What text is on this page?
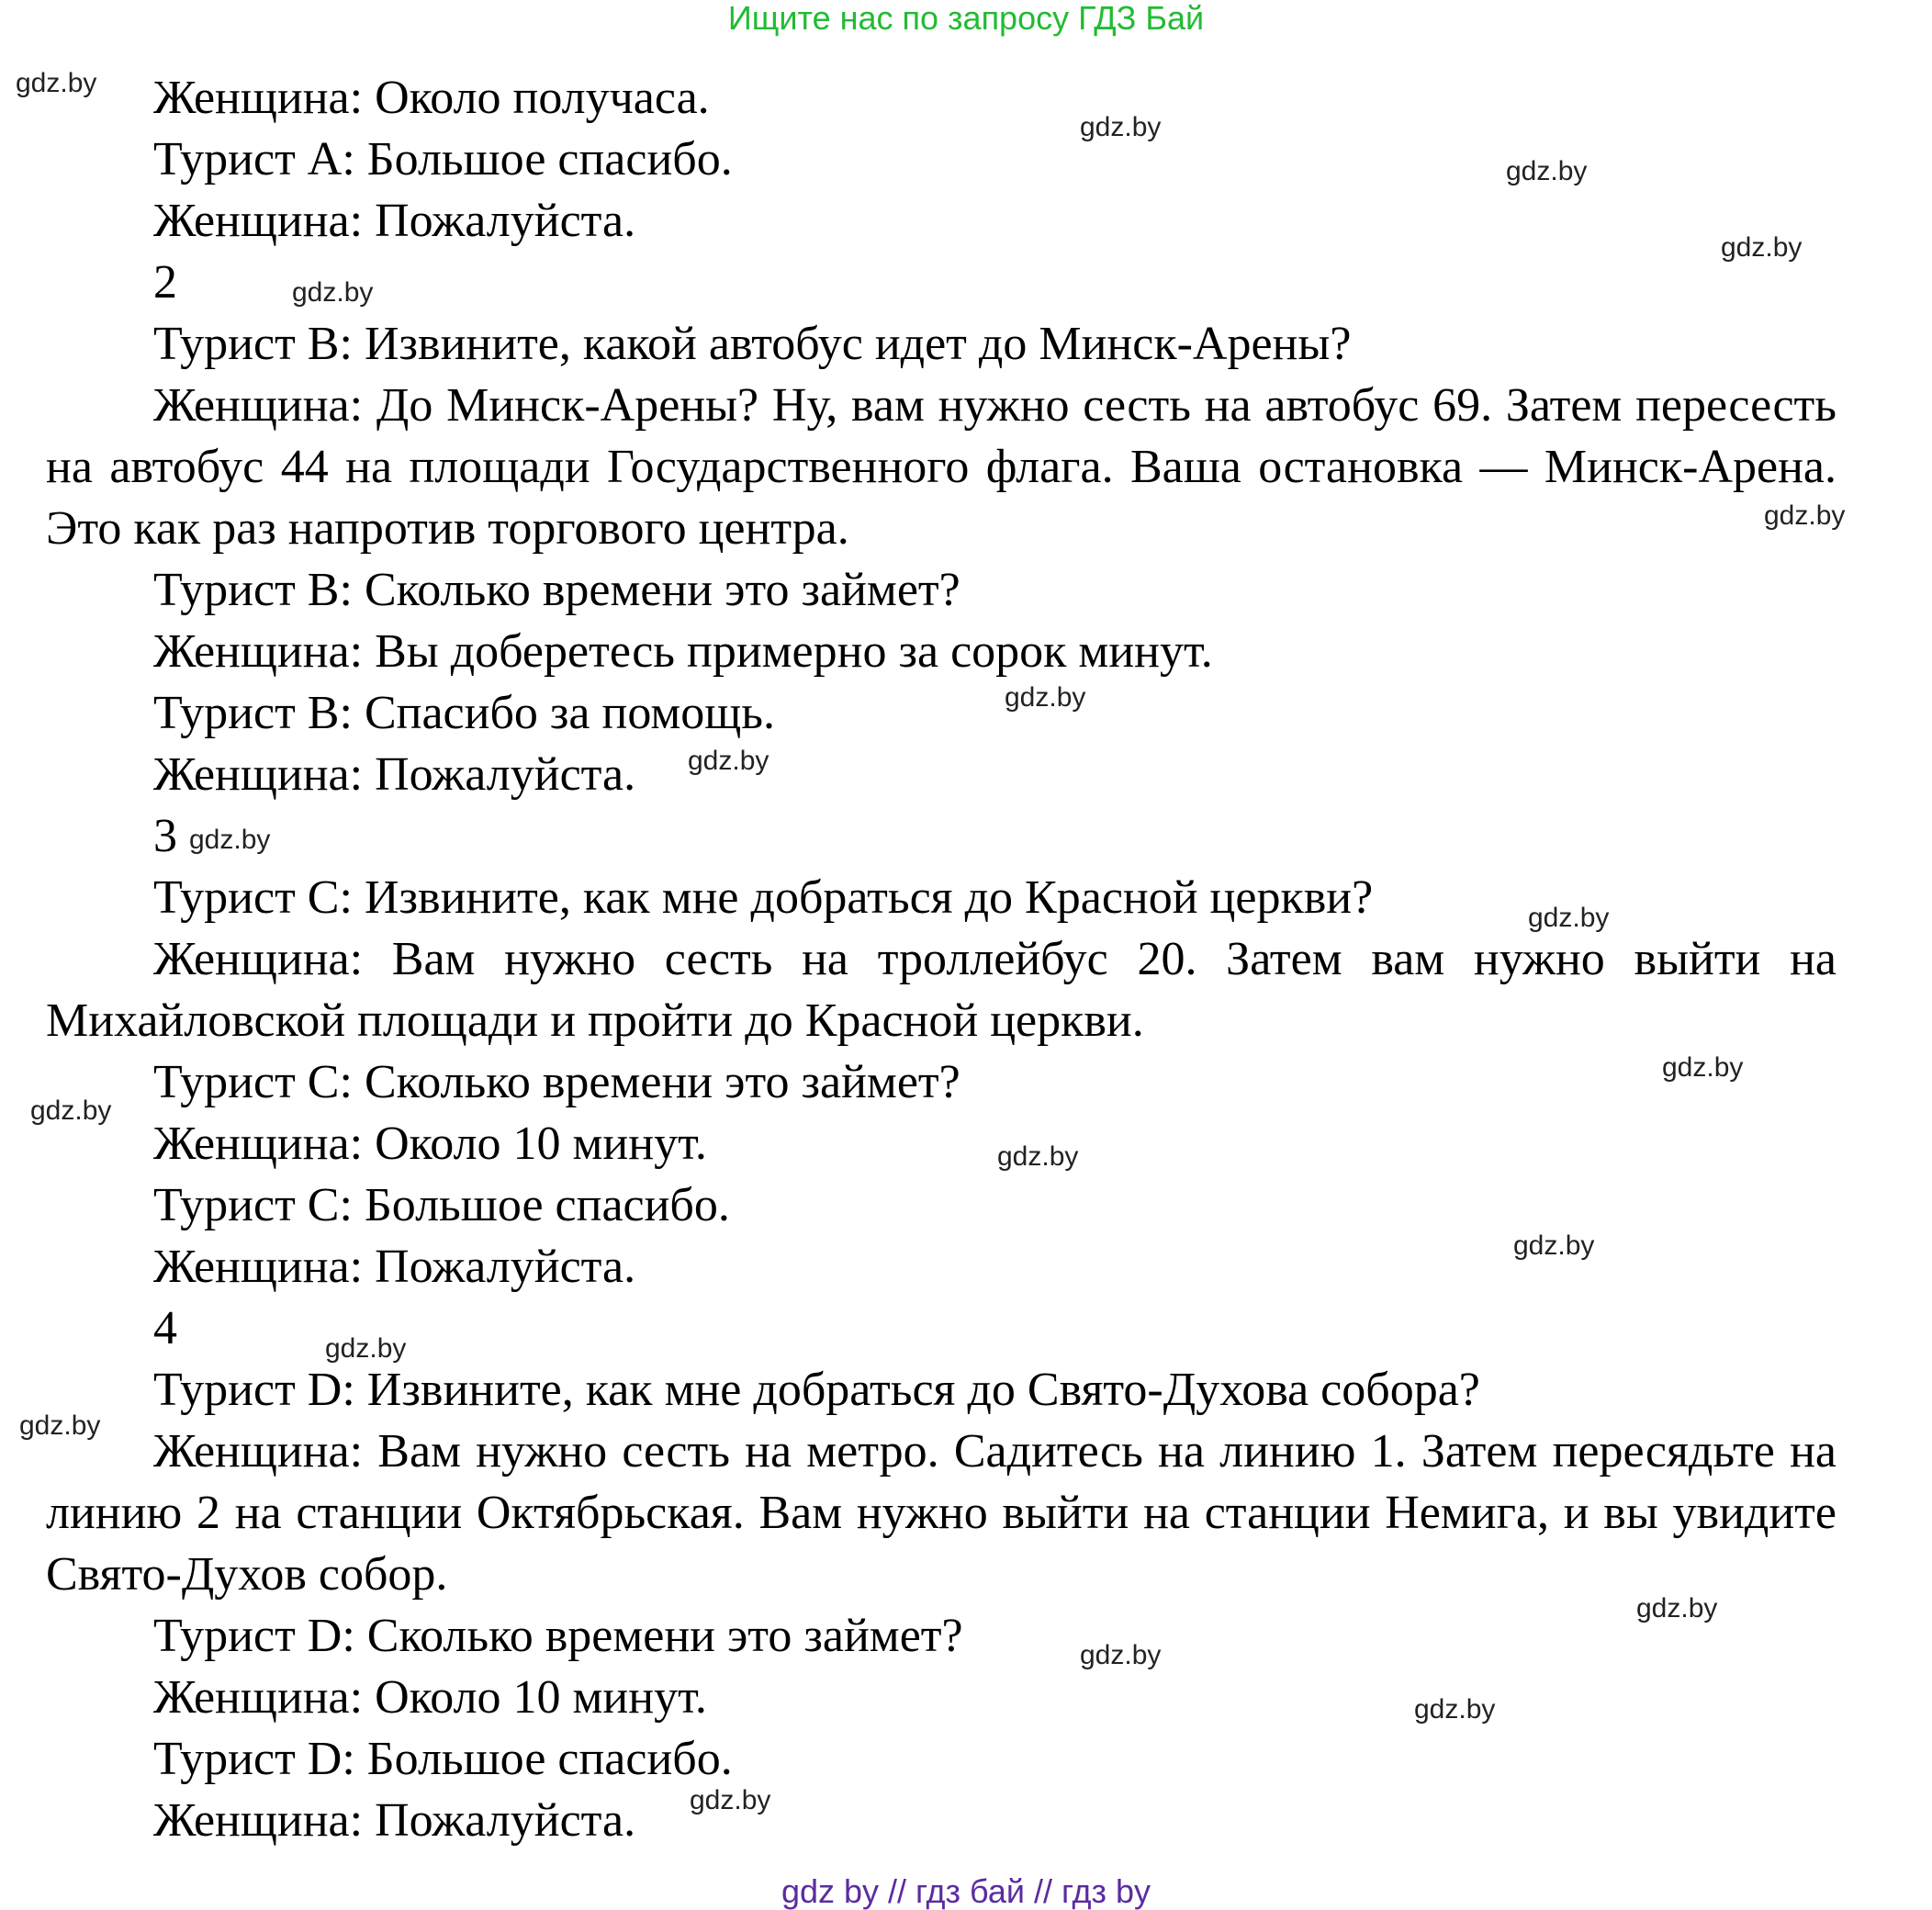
Ищите нас по запросу ГДЗ Бай

Женщина: Около получаса.

Турист А: Большое спасибо.

Женщина: Пожалуйста.

2

Турист В: Извините, какой автобус идет до Минск-Арены?

Женщина: До Минск-Арены? Ну, вам нужно сесть на автобус 69. Затем пересесть на автобус 44 на площади Государственного флага. Ваша остановка — Минск-Арена. Это как раз напротив торгового центра.

Турист В: Сколько времени это займет?

Женщина: Вы доберетесь примерно за сорок минут.

Турист В: Спасибо за помощь.

Женщина: Пожалуйста.

3

Турист С: Извините, как мне добраться до Красной церкви?

Женщина: Вам нужно сесть на троллейбус 20. Затем вам нужно выйти на Михайловской площади и пройти до Красной церкви.

Турист С: Сколько времени это займет?

Женщина: Около 10 минут.

Турист С: Большое спасибо.

Женщина: Пожалуйста.

4

Турист D: Извините, как мне добраться до Свято-Духова собора?

Женщина: Вам нужно сесть на метро. Садитесь на линию 1. Затем пересядьте на линию 2 на станции Октябрьская. Вам нужно выйти на станции Немига, и вы увидите Свято-Духов собор.

Турист D: Сколько времени это займет?

Женщина: Около 10 минут.

Турист D: Большое спасибо.

Женщина: Пожалуйста.

gdz.by
gdz.by
gdz.by
gdz.by
gdz.by
gdz.by
gdz.by
gdz.by
gdz.by
gdz.by
gdz.by
gdz.by
gdz.by
gdz.by
gdz.by
gdz.by
gdz.by
gdz.by
gdz.by
gdz.by
gdz by // гдз бай // гдз by
